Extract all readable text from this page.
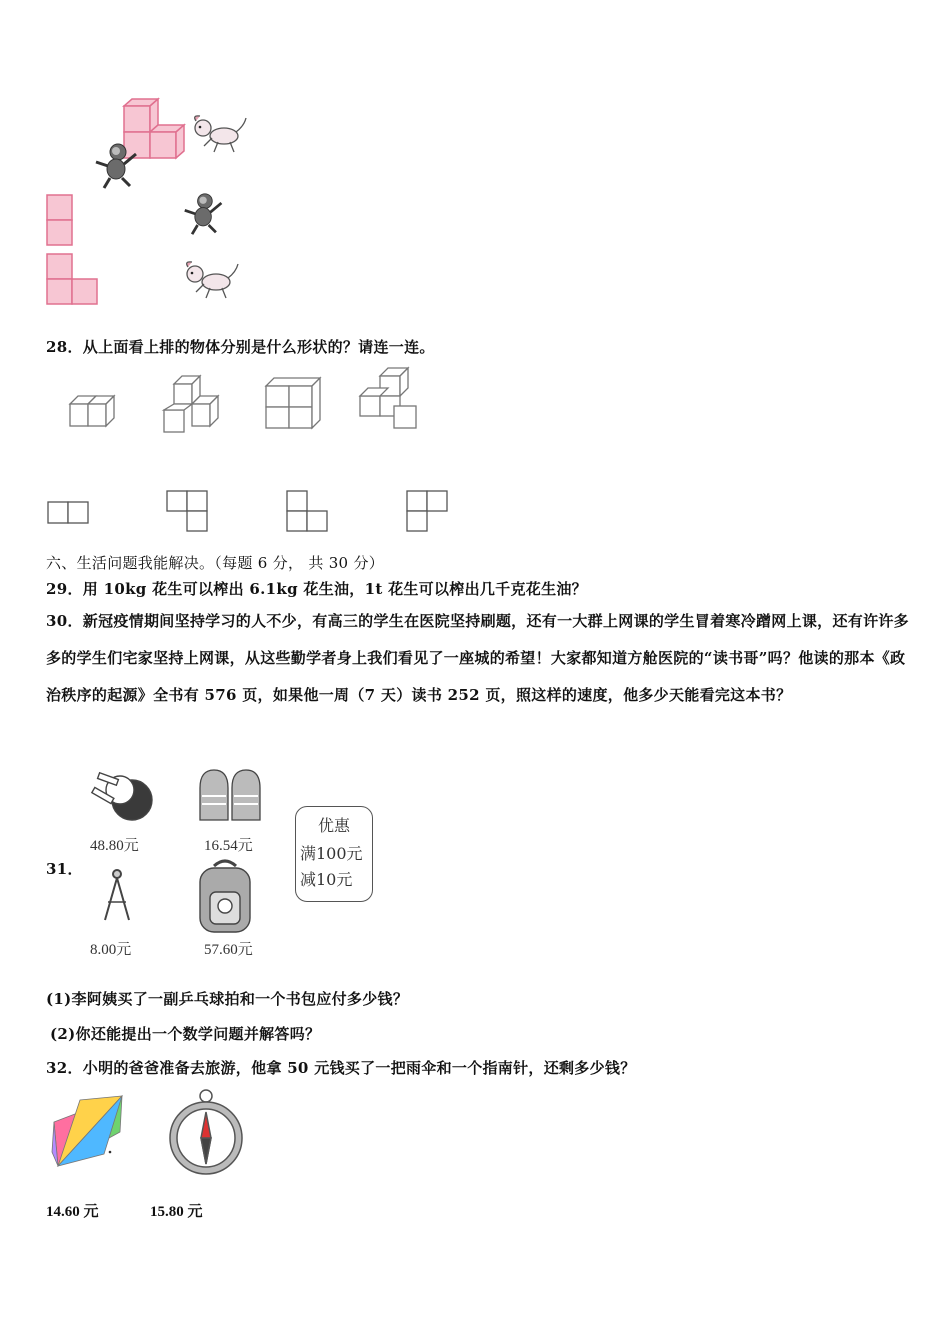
28．从上面看上排的物体分别是什么形状的？请连一连。
六、生活问题我能解决。（每题 6 分， 共 30 分）
29．用 10kg 花生可以榨出 6.1kg 花生油，1t 花生可以榨出几千克花生油？
30．新冠疫情期间坚持学习的人不少，有高三的学生在医院坚持刷题，还有一大群上网课的学生冒着寒冷蹭网上课，还有许许多多的学生们宅家坚持上网课，从这些勤学者身上我们看见了一座城的希望！大家都知道方舱医院的“读书哥”吗？他读的那本《政治秩序的起源》全书有 576 页，如果他一周（7 天）读书 252 页，照这样的速度，他多少天能看完这本书？
31．
48.80元	16.54元
8.00元	57.60元
优惠
满100元
减10元
(1)李阿姨买了一副乒乓球拍和一个书包应付多少钱？
(2)你还能提出一个数学问题并解答吗？
32．小明的爸爸准备去旅游，他拿 50 元钱买了一把雨伞和一个指南针，还剩多少钱？
14.60 元	15.80 元
